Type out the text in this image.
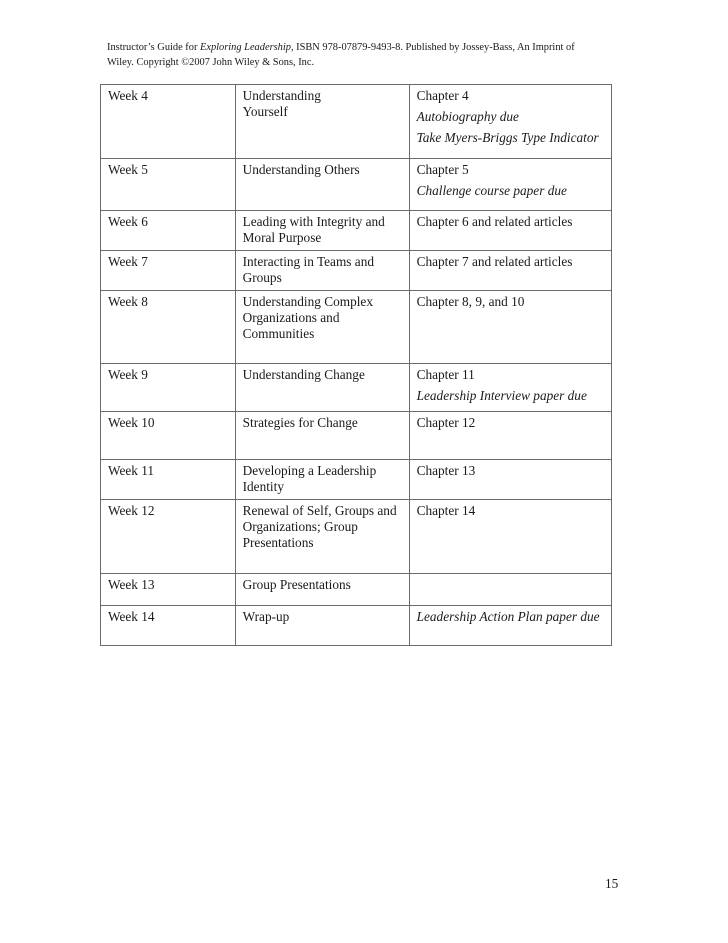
Instructor’s Guide for Exploring Leadership, ISBN 978-07879-9493-8. Published by Jossey-Bass, An Imprint of
Wiley. Copyright ©2007 John Wiley & Sons, Inc.
Week 4	Understanding Yourself	Chapter 4
Autobiography due
Take Myers-Briggs Type Indicator

Week 5	Understanding Others	Chapter 5
Challenge course paper due

Week 6	Leading with Integrity and Moral Purpose	Chapter 6 and related articles
Week 7	Interacting in Teams and Groups	Chapter 7 and related articles
Week 8	Understanding Complex Organizations and Communities	Chapter 8, 9, and 10
Week 9	Understanding Change	Chapter 11
Leadership Interview paper due

Week 10	Strategies for Change	Chapter 12
Week 11	Developing a Leadership Identity	Chapter 13
Week 12	Renewal of Self, Groups and Organizations; Group Presentations	Chapter 14
Week 13	Group Presentations	
Week 14	Wrap-up	Leadership Action Plan paper due
15
